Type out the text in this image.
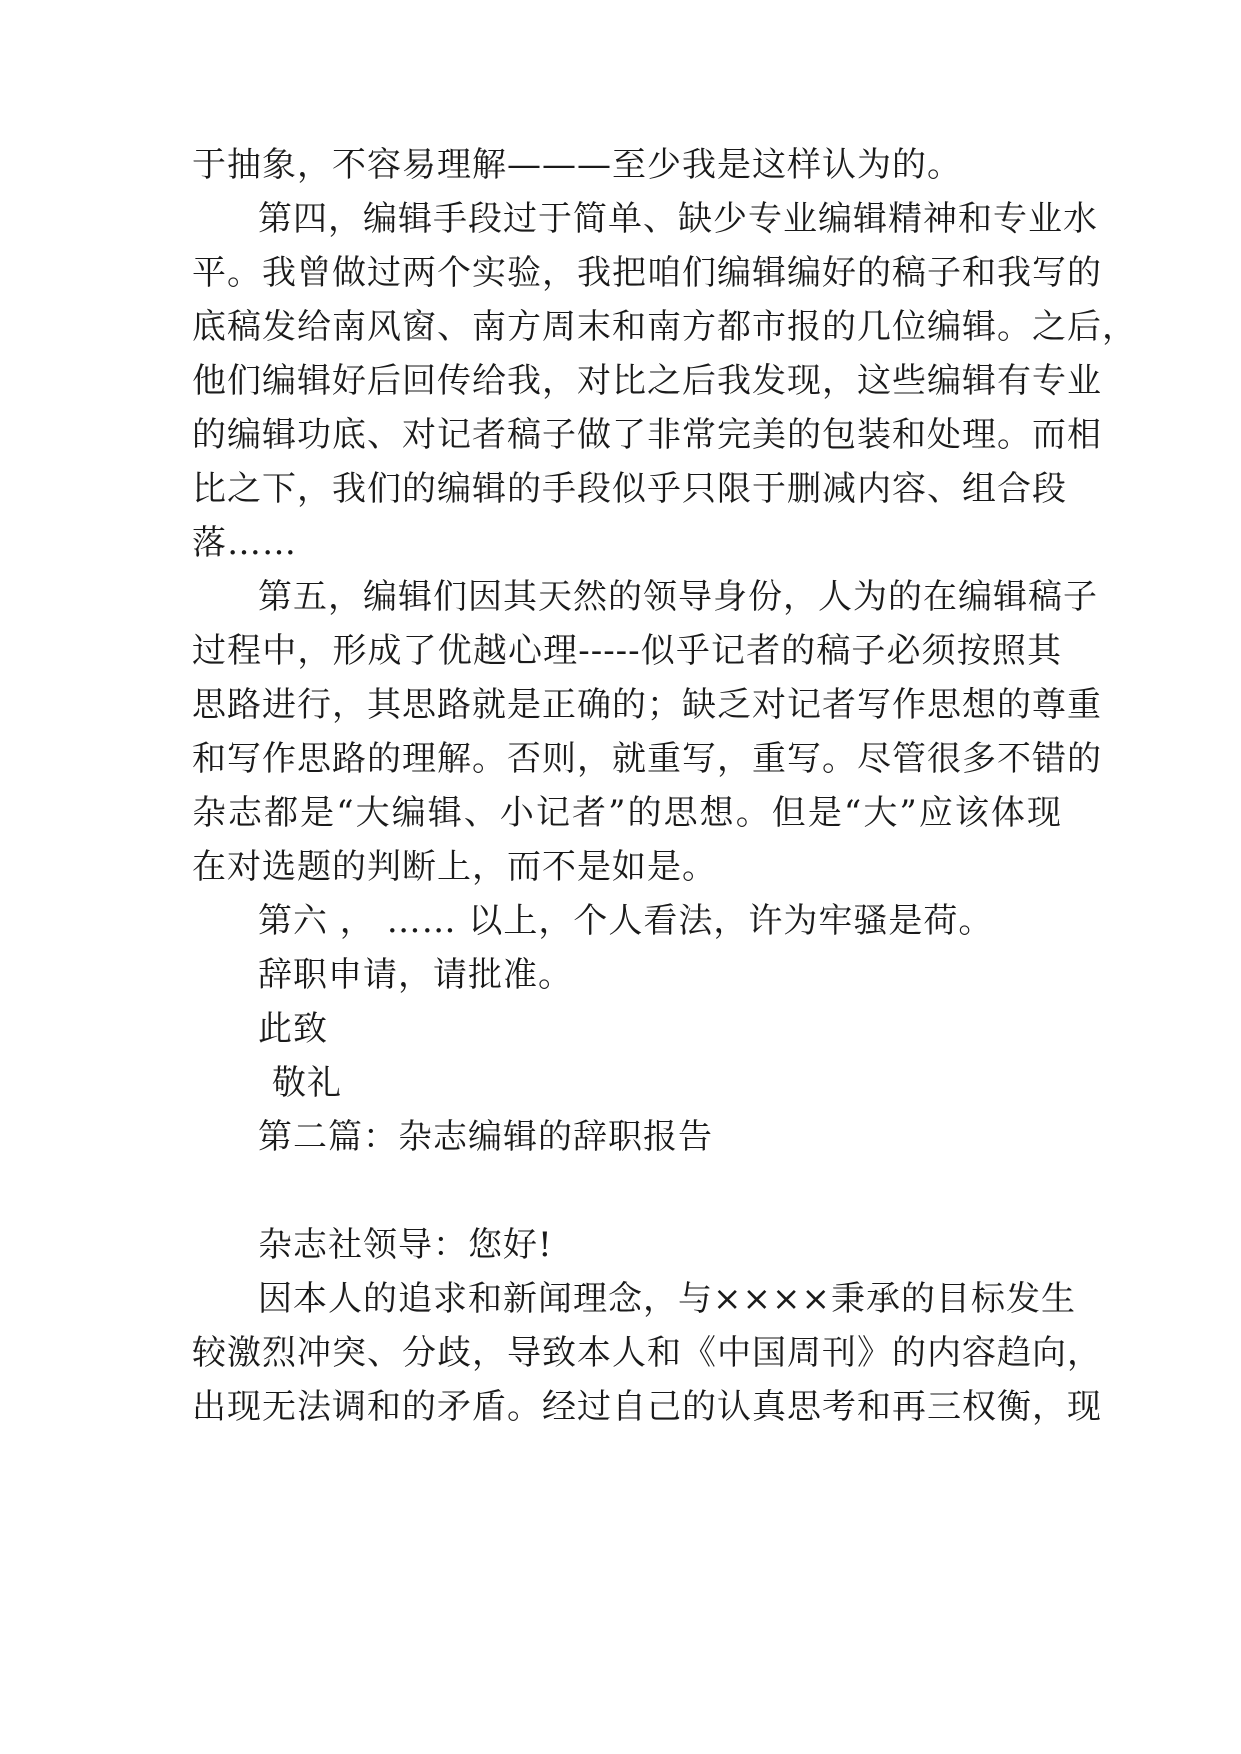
于抽象，不容易理解———至少我是这样认为的。
第四，编辑手段过于简单、缺少专业编辑精神和专业水
平。我曾做过两个实验，我把咱们编辑编好的稿子和我写的
底稿发给南风窗、南方周末和南方都市报的几位编辑。之后，
他们编辑好后回传给我，对比之后我发现，这些编辑有专业
的编辑功底、对记者稿子做了非常完美的包装和处理。而相
比之下，我们的编辑的手段似乎只限于删减内容、组合段
落……
第五，编辑们因其天然的领导身份，人为的在编辑稿子
过程中，形成了优越心理-----似乎记者的稿子必须按照其
思路进行，其思路就是正确的；缺乏对记者写作思想的尊重
和写作思路的理解。否则，就重写，重写。尽管很多不错的
杂志都是“大编辑、小记者”的思想。但是“大”应该体现
在对选题的判断上，而不是如是。
第六 ， …… 以上，个人看法，许为牢骚是荷。
辞职申请，请批准。
此致
敬礼
第二篇：杂志编辑的辞职报告
杂志社领导：您好!
因本人的追求和新闻理念，与××××秉承的目标发生
较激烈冲突、分歧，导致本人和《中国周刊》的内容趋向，
出现无法调和的矛盾。经过自己的认真思考和再三权衡，现
